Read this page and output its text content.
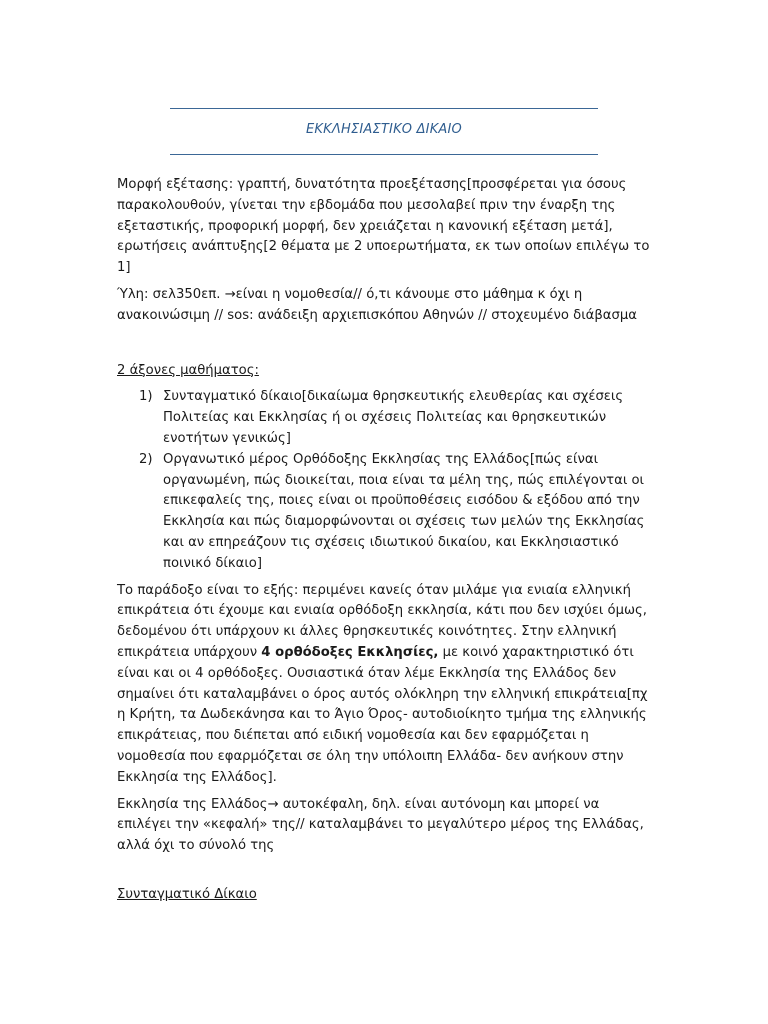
ΕΚΚΛΗΣΙΑΣΤΙΚΟ ΔΙΚΑΙΟ

Μορφή εξέτασης: γραπτή, δυνατότητα προεξέτασης[προσφέρεται για όσους παρακολουθούν, γίνεται την εβδομάδα που μεσολαβεί πριν την έναρξη της εξεταστικής, προφορική μορφή, δεν χρειάζεται η κανονική εξέταση μετά], ερωτήσεις ανάπτυξης[2 θέματα με 2 υποερωτήματα, εκ των οποίων επιλέγω το 1]

Ύλη: σελ350επ. →είναι η νομοθεσία// ό,τι κάνουμε στο μάθημα κ όχι η ανακοινώσιμη // sos: ανάδειξη αρχιεπισκόπου Αθηνών // στοχευμένο διάβασμα

2 άξονες μαθήματος:

1) Συνταγματικό δίκαιο[δικαίωμα θρησκευτικής ελευθερίας και σχέσεις Πολιτείας και Εκκλησίας ή οι σχέσεις Πολιτείας και θρησκευτικών ενοτήτων γενικώς]
2) Οργανωτικό μέρος Ορθόδοξης Εκκλησίας της Ελλάδος[πώς είναι οργανωμένη, πώς διοικείται, ποια είναι τα μέλη της, πώς επιλέγονται οι επικεφαλείς της, ποιες είναι οι προϋποθέσεις εισόδου & εξόδου από την Εκκλησία και πώς διαμορφώνονται οι σχέσεις των μελών της Εκκλησίας και αν επηρεάζουν τις σχέσεις ιδιωτικού δικαίου, και Εκκλησιαστικό ποινικό δίκαιο]

Το παράδοξο είναι το εξής: περιμένει κανείς όταν μιλάμε για ενιαία ελληνική επικράτεια ότι έχουμε και ενιαία ορθόδοξη εκκλησία, κάτι που δεν ισχύει όμως, δεδομένου ότι υπάρχουν κι άλλες θρησκευτικές κοινότητες. Στην ελληνική επικράτεια υπάρχουν 4 ορθόδοξες Εκκλησίες, με κοινό χαρακτηριστικό ότι είναι και οι 4 ορθόδοξες. Ουσιαστικά όταν λέμε Εκκλησία της Ελλάδος δεν σημαίνει ότι καταλαμβάνει ο όρος αυτός ολόκληρη την ελληνική επικράτεια[πχ η Κρήτη, τα Δωδεκάνησα και το Άγιο Όρος- αυτοδιοίκητο τμήμα της ελληνικής επικράτειας, που διέπεται από ειδική νομοθεσία και δεν εφαρμόζεται η νομοθεσία που εφαρμόζεται σε όλη την υπόλοιπη Ελλάδα- δεν ανήκουν στην Εκκλησία της Ελλάδος].

Εκκλησία της Ελλάδος→ αυτοκέφαλη, δηλ. είναι αυτόνομη και μπορεί να επιλέγει την «κεφαλή» της// καταλαμβάνει το μεγαλύτερο μέρος της Ελλάδας, αλλά όχι το σύνολό της

Συνταγματικό Δίκαιο
